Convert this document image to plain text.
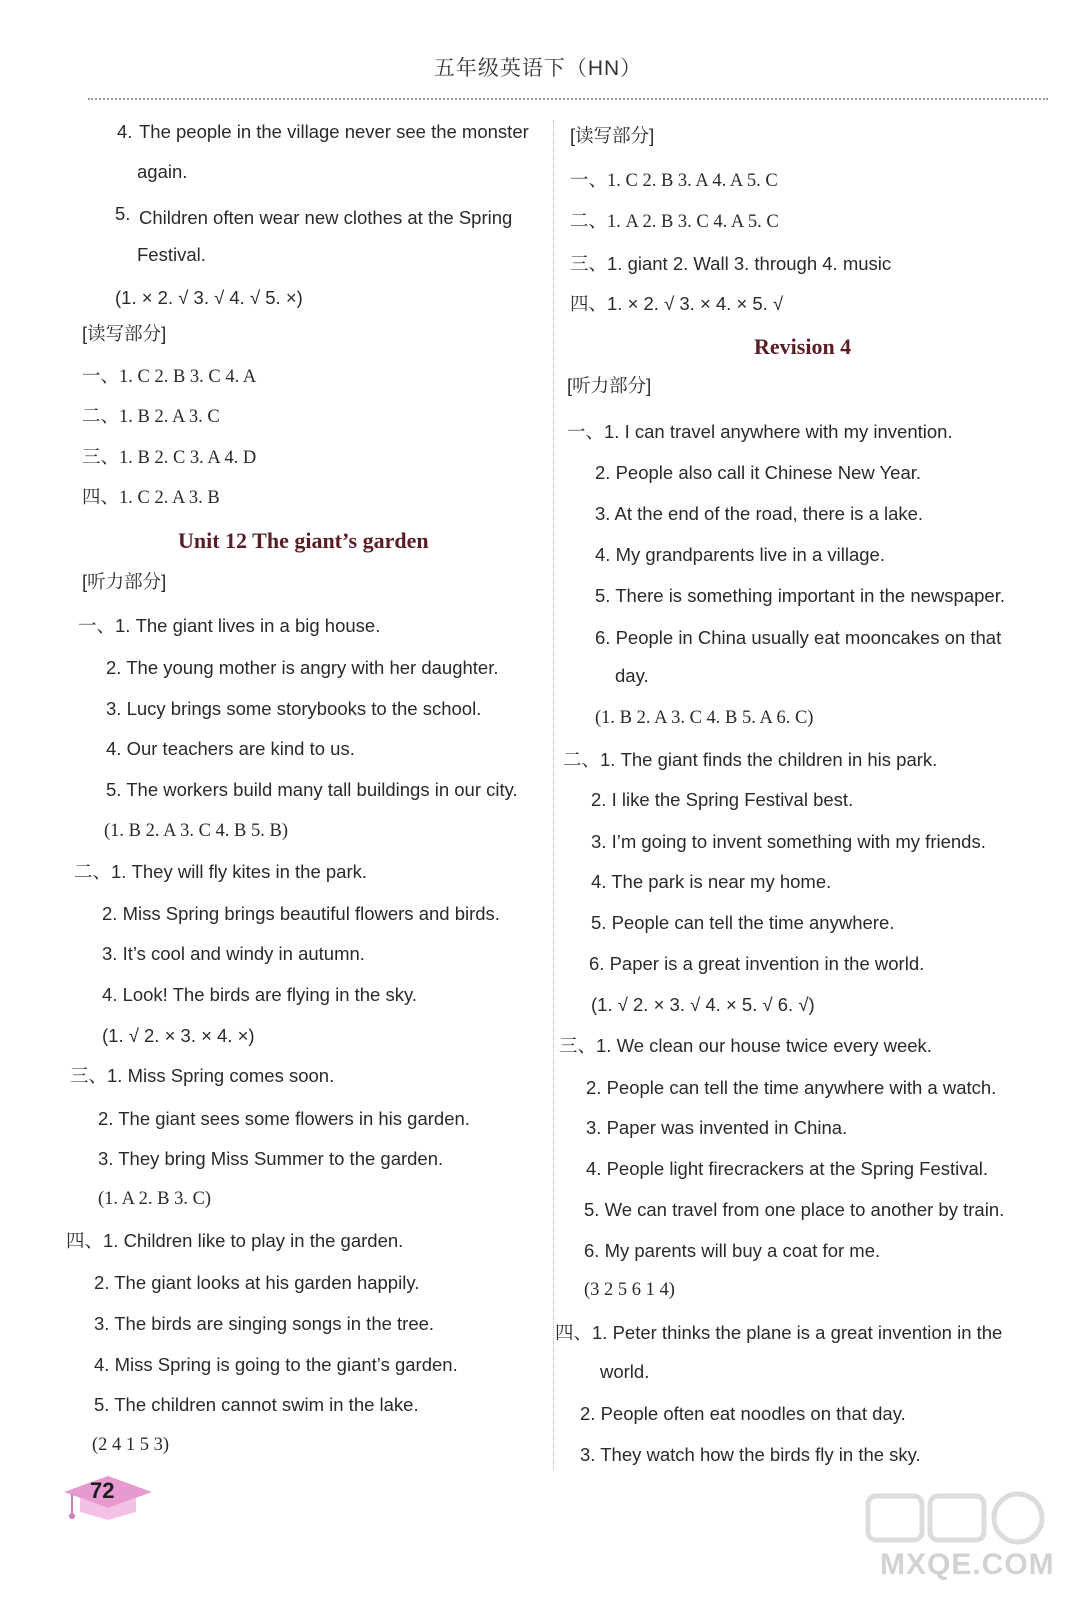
五年级英语下（HN）
4. The people in the village never see the monster
again.
5. Children often wear new clothes at the Spring
Festival.
(1. × 2. √ 3. √ 4. √ 5. ×)
[读写部分]
一、1. C 2. B 3. C 4. A
二、1. B 2. A 3. C
三、1. B 2. C 3. A 4. D
四、1. C 2. A 3. B
Unit 12 The giant’s garden
[听力部分]
一、1. The giant lives in a big house.
2. The young mother is angry with her daughter.
3. Lucy brings some storybooks to the school.
4. Our teachers are kind to us.
5. The workers build many tall buildings in our city.
(1. B 2. A 3. C 4. B 5. B)
二、1. They will fly kites in the park.
2. Miss Spring brings beautiful flowers and birds.
3. It’s cool and windy in autumn.
4. Look! The birds are flying in the sky.
(1. √ 2. × 3. × 4. ×)
三、1. Miss Spring comes soon.
2. The giant sees some flowers in his garden.
3. They bring Miss Summer to the garden.
(1. A 2. B 3. C)
四、1. Children like to play in the garden.
2. The giant looks at his garden happily.
3. The birds are singing songs in the tree.
4. Miss Spring is going to the giant’s garden.
5. The children cannot swim in the lake.
(2 4 1 5 3)
[读写部分]
一、1. C 2. B 3. A 4. A 5. C
二、1. A 2. B 3. C 4. A 5. C
三、1. giant 2. Wall 3. through 4. music
四、1. × 2. √ 3. × 4. × 5. √
Revision 4
[听力部分]
一、1. I can travel anywhere with my invention.
2. People also call it Chinese New Year.
3. At the end of the road, there is a lake.
4. My grandparents live in a village.
5. There is something important in the newspaper.
6. People in China usually eat mooncakes on that
day.
(1. B 2. A 3. C 4. B 5. A 6. C)
二、1. The giant finds the children in his park.
2. I like the Spring Festival best.
3. I’m going to invent something with my friends.
4. The park is near my home.
5. People can tell the time anywhere.
6. Paper is a great invention in the world.
(1. √ 2. × 3. √ 4. × 5. √ 6. √)
三、1. We clean our house twice every week.
2. People can tell the time anywhere with a watch.
3. Paper was invented in China.
4. People light firecrackers at the Spring Festival.
5. We can travel from one place to another by train.
6. My parents will buy a coat for me.
(3 2 5 6 1 4)
四、1. Peter thinks the plane is a great invention in the
world.
2. People often eat noodles on that day.
3. They watch how the birds fly in the sky.
72
MXQE.COM
